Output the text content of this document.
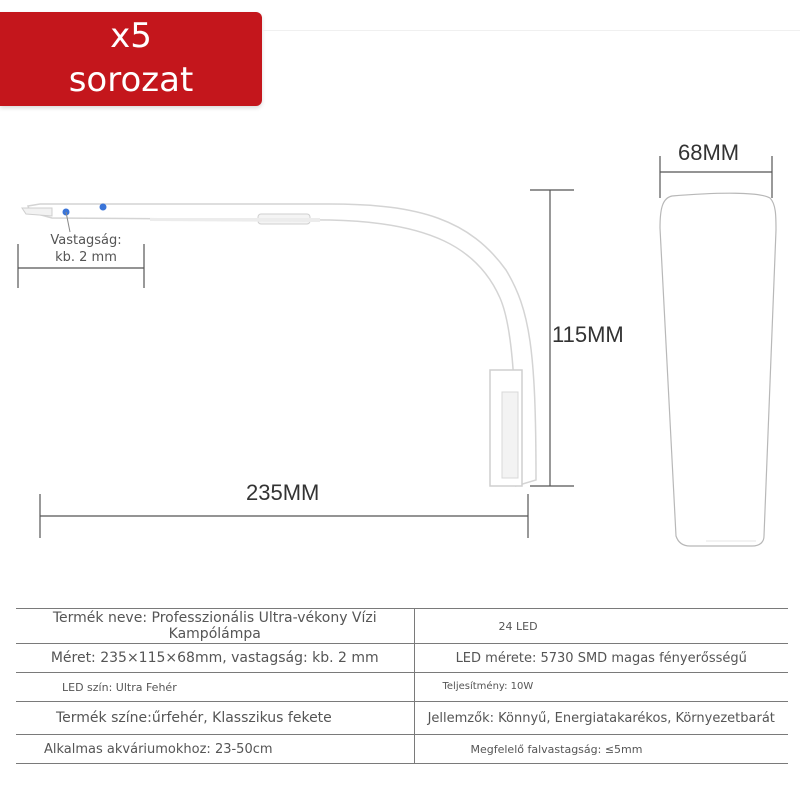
x5
sorozat
68MM
115MM
235MM
Vastagság:
kb. 2 mm
Termék neve: Professzionális Ultra-vékony Vízi Kampólámpa	24 LED
Méret: 235×115×68mm, vastagság: kb. 2 mm	LED mérete: 5730 SMD magas fényerősségű
LED szín: Ultra Fehér	Teljesítmény: 10W
Termék színe:űrfehér, Klasszikus fekete	Jellemzők: Könnyű, Energiatakarékos, Környezetbarát
Alkalmas akváriumokhoz: 23-50cm	Megfelelő falvastagság: ≤5mm
